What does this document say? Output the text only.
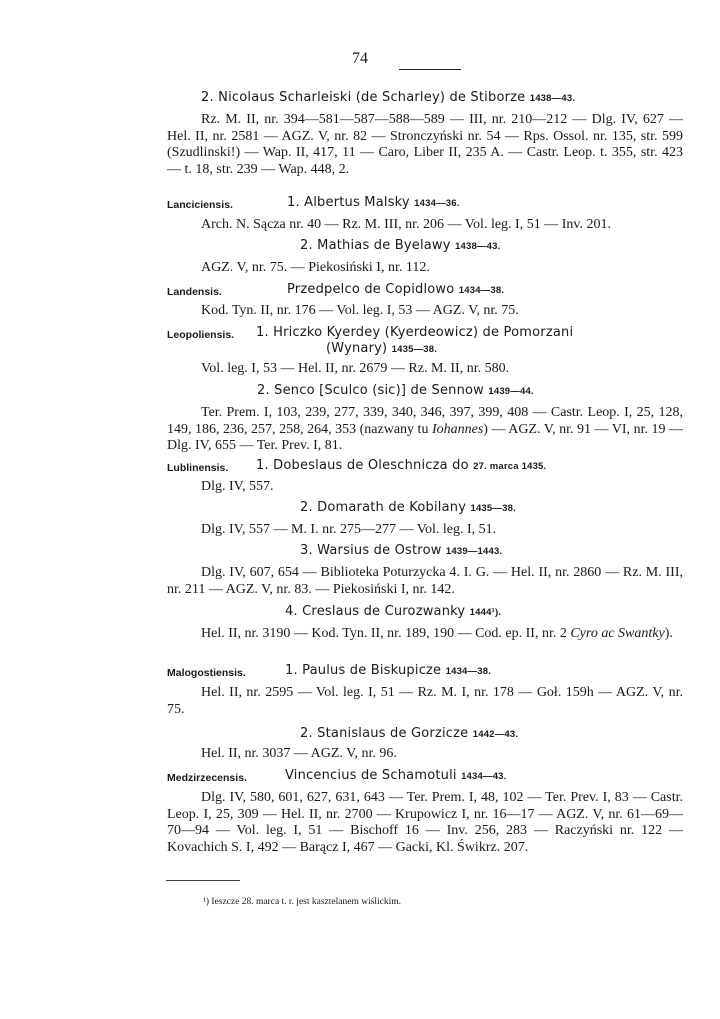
74
2. Nicolaus Scharleiski (de Scharley) de Stiborze 1438—43.
Rz. M. II, nr. 394—581—587—588—589 — III, nr. 210—212 — Dlg. IV, 627 — Hel. II, nr. 2581 — AGZ. V, nr. 82 — Stronczyński nr. 54 — Rps. Ossol. nr. 135, str. 599 (Szudlinski!) — Wap. II, 417, 11 — Caro, Liber II, 235 A. — Castr. Leop. t. 355, str. 423 — t. 18, str. 239 — Wap. 448, 2.
Lanciciensis.	1. Albertus Malsky 1434—36.
Arch. N. Sącza nr. 40 — Rz. M. III, nr. 206 — Vol. leg. I, 51 — Inv. 201.
2. Mathias de Byelawy 1438—43.
AGZ. V, nr. 75. — Piekosiński I, nr. 112.
Landensis.	Przedpelco de Copidlowo 1434—38.
Kod. Tyn. II, nr. 176 — Vol. leg. I, 53 — AGZ. V, nr. 75.
Leopoliensis. 1. Hriczko Kyerdey (Kyerdeowicz) de Pomorzani
(Wynary) 1435—38.
Vol. leg. I, 53 — Hel. II, nr. 2679 — Rz. M. II, nr. 580.
2. Senco [Sculco (sic)] de Sennow 1439—44.
Ter. Prem. I, 103, 239, 277, 339, 340, 346, 397, 399, 408 — Castr. Leop. I, 25, 128, 149, 186, 236, 257, 258, 264, 353 (nazwany tu Iohannes) — AGZ. V, nr. 91 — VI, nr. 19 — Dlg. IV, 655 — Ter. Prev. I, 81.
Lublinensis. 1. Dobeslaus de Oleschnicza do 27. marca 1435.
Dlg. IV, 557.
2. Domarath de Kobilany 1435—38.
Dlg. IV, 557 — M. I. nr. 275—277 — Vol. leg. I, 51.
3. Warsius de Ostrow 1439—1443.
Dlg. IV, 607, 654 — Biblioteka Poturzycka 4. I. G. — Hel. II, nr. 2860 — Rz. M. III, nr. 211 — AGZ. V, nr. 83. — Piekosiński I, nr. 142.
4. Creslaus de Curozwanky 1444¹).
Hel. II, nr. 3190 — Kod. Tyn. II, nr. 189, 190 — Cod. ep. II, nr. 2 Cyro ac Swantky).
Malogostiensis.	1. Paulus de Biskupicze 1434—38.
Hel. II, nr. 2595 — Vol. leg. I, 51 — Rz. M. I, nr. 178 — Goł. 159h — AGZ. V, nr. 75.
2. Stanislaus de Gorzicze 1442—43.
Hel. II, nr. 3037 — AGZ. V, nr. 96.
Medzirzecensis.	Vincencius de Schamotuli 1434—43.
Dlg. IV, 580, 601, 627, 631, 643 — Ter. Prem. I, 48, 102 — Ter. Prev. I, 83 — Castr. Leop. I, 25, 309 — Hel. II, nr. 2700 — Krupowicz I, nr. 16—17 — AGZ. V, nr. 61—69—70—94 — Vol. leg. I, 51 — Bischoff 16 — Inv. 256, 283 — Raczyński nr. 122 — Kovachich S. I, 492 — Barącz I, 467 — Gacki, Kl. Świkrz. 207.
¹) Ieszcze 28. marca t. r. jest kasztelanem wiślickim.
